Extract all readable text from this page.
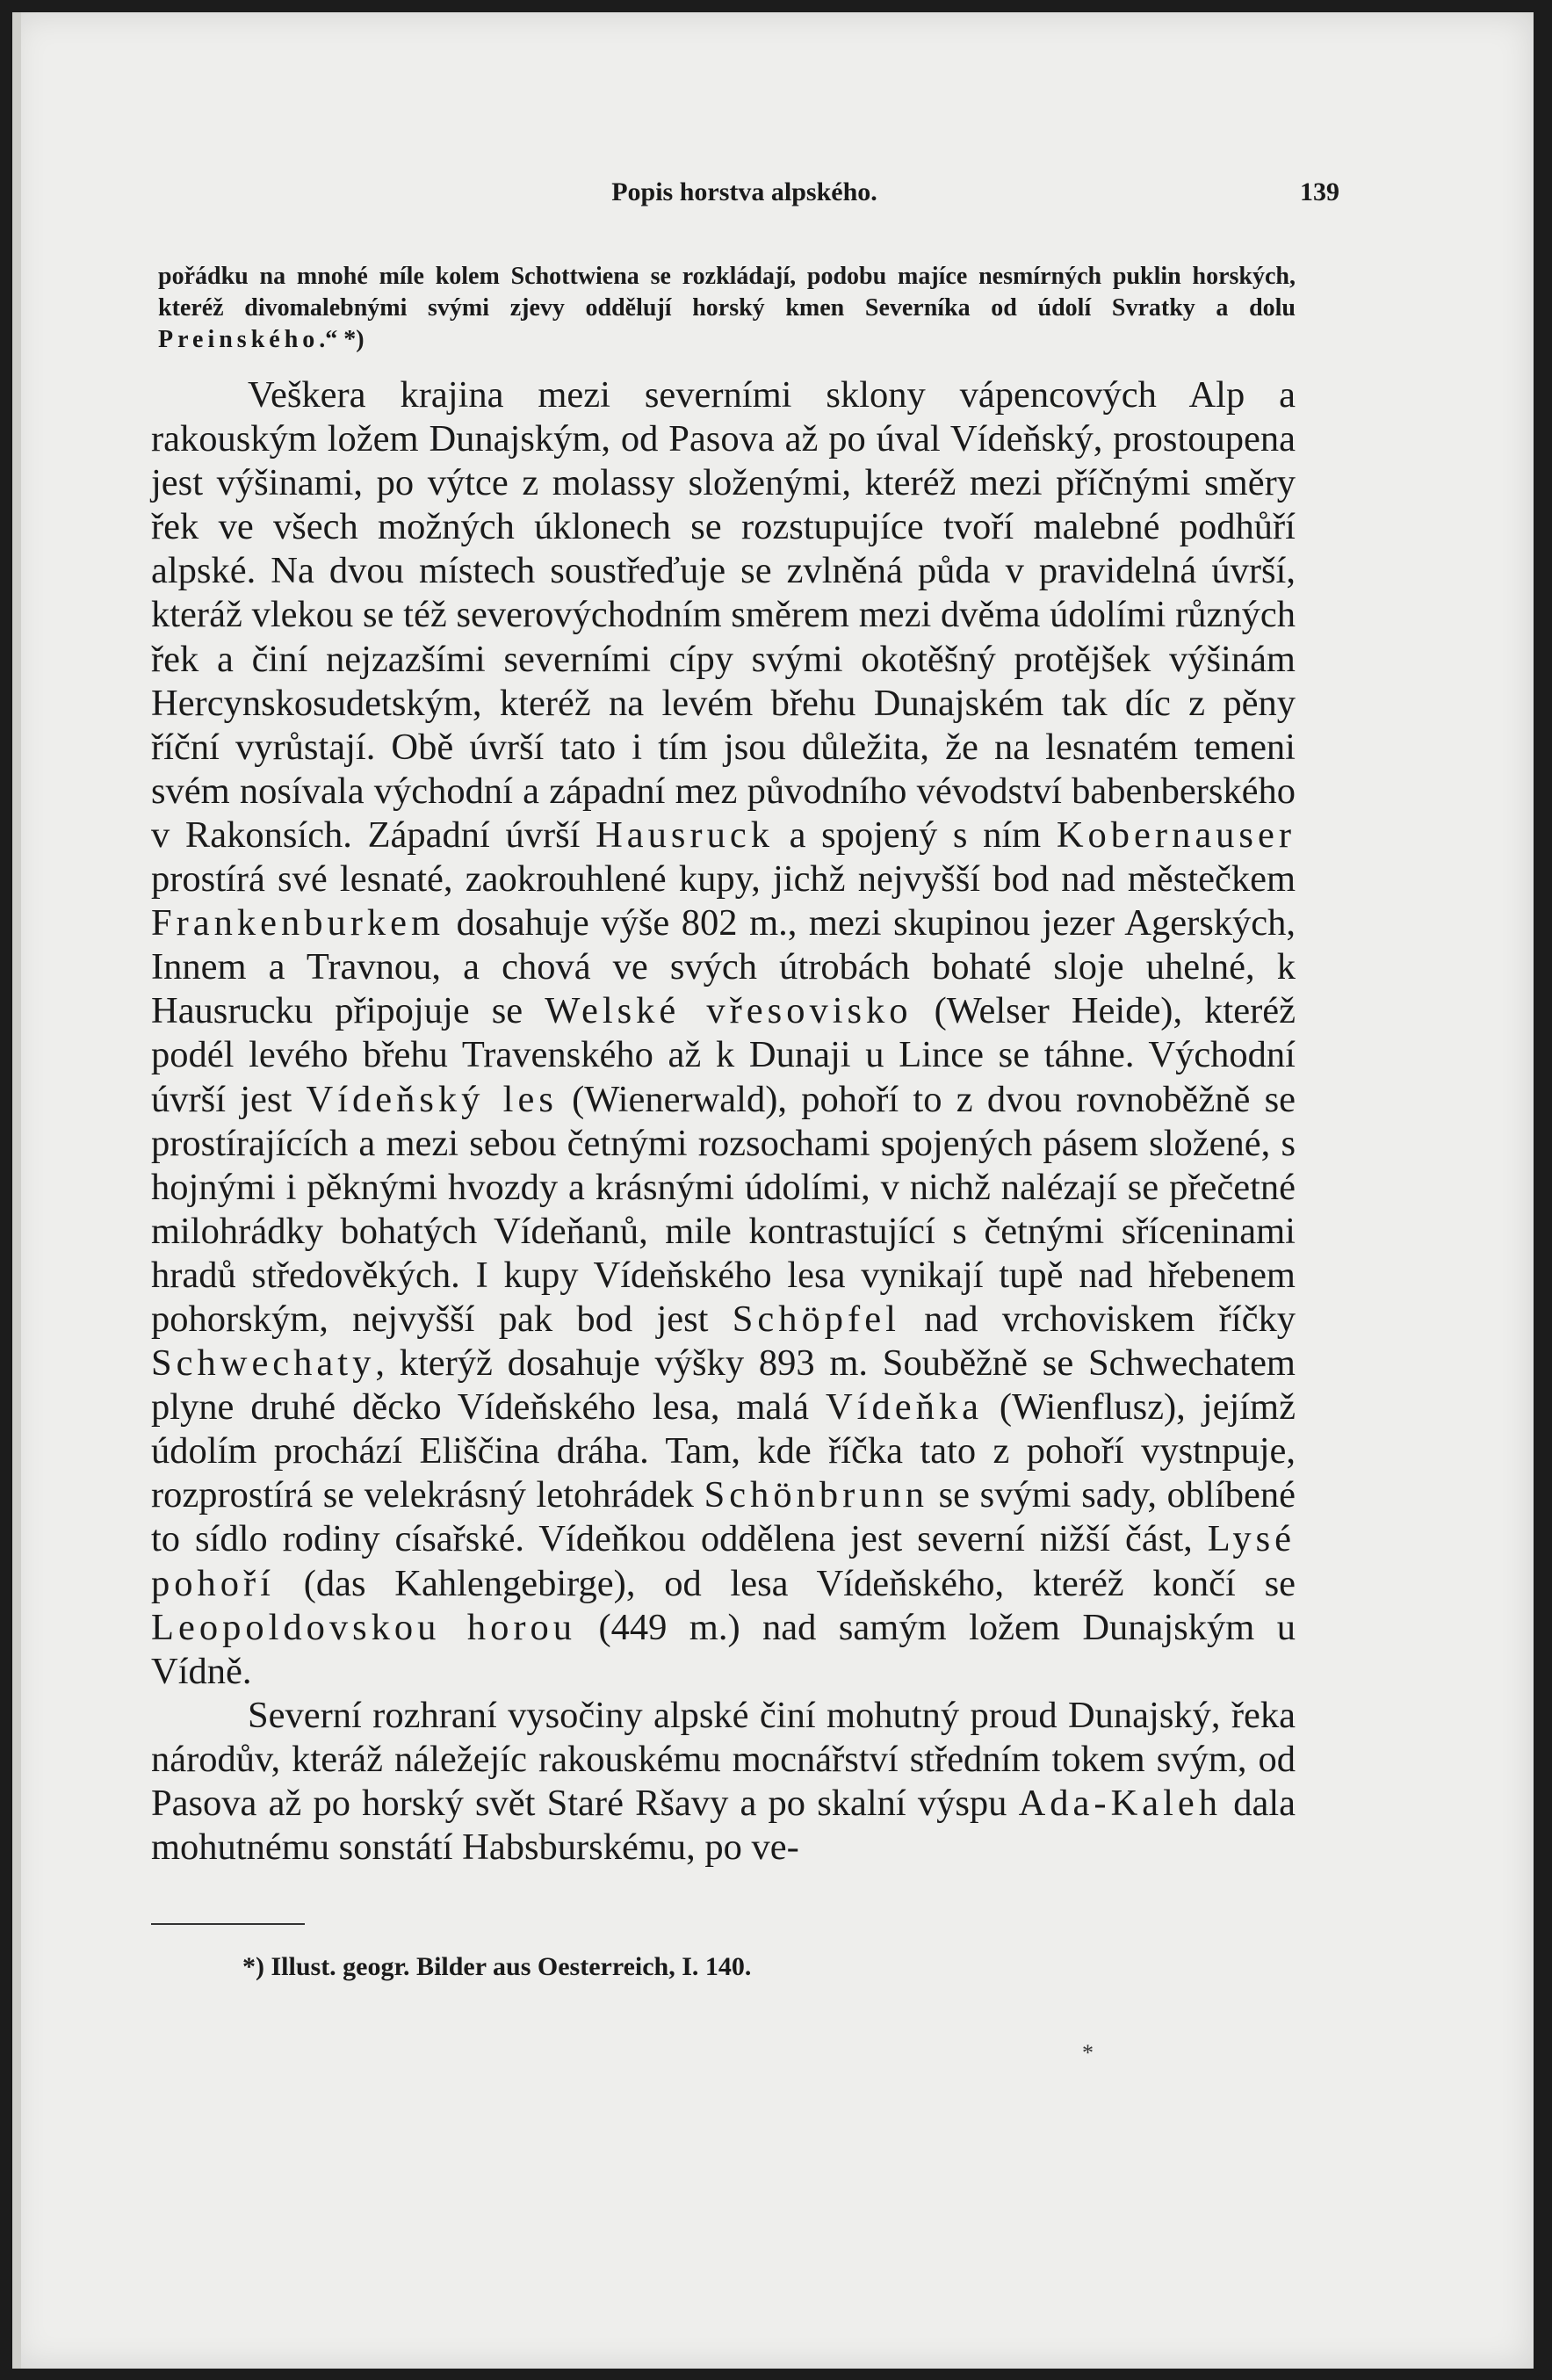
Popis horstva alpského.	139

pořádku na mnohé míle kolem Schottwiena se rozkládají, podobu majíce nesmírných puklin horských, kteréž divomalebnými svými zjevy oddělují horský kmen Severníka od údolí Svratky a dolu Preinského.“ *)

Veškera krajina mezi severními sklony vápencových Alp a rakouským ložem Dunajským, od Pasova až po úval Vídeňský, prostoupena jest výšinami, po výtce z molassy složenými, kteréž mezi příčnými směry řek ve všech možných úklonech se rozstupujíce tvoří malebné podhůří alpské. Na dvou místech soustřeďuje se zvlněná půda v pravidelná úvrší, kteráž vlekou se též severovýchodním směrem mezi dvěma údolími různých řek a činí nejzazšími severními cípy svými okotěšný protějšek výšinám Hercynskosudetským, kteréž na levém břehu Dunajském tak díc z pěny říční vyrůstají. Obě úvrší tato i tím jsou důležita, že na lesnatém temeni svém nosívala východní a západní mez původního vévodství babenberského v Rakonsích. Západní úvrší Hausruck a spojený s ním Kobernauser prostírá své lesnaté, zaokrouhlené kupy, jichž nejvyšší bod nad městečkem Frankenburkem dosahuje výše 802 m., mezi skupinou jezer Agerských, Innem a Travnou, a chová ve svých útrobách bohaté sloje uhelné, k Hausrucku připojuje se Welské vřesovisko (Welser Heide), kteréž podél levého břehu Travenského až k Dunaji u Lince se táhne. Východní úvrší jest Vídeňský les (Wienerwald), pohoří to z dvou rovnoběžně se prostírajících a mezi sebou četnými rozsochami spojených pásem složené, s hojnými i pěknými hvozdy a krásnými údolími, v nichž nalézají se přečetné milohrádky bohatých Vídeňanů, mile kontrastující s četnými sříceninami hradů středověkých. I kupy Vídeňského lesa vynikají tupě nad hřebenem pohorským, nejvyšší pak bod jest Schöpfel nad vrchoviskem říčky Schwechaty, kterýž dosahuje výšky 893 m. Souběžně se Schwechatem plyne druhé děcko Vídeňského lesa, malá Vídeňka (Wienflusz), jejímž údolím prochází Eliščina dráha. Tam, kde říčka tato z pohoří vystnpuje, rozprostírá se velekrásný letohrádek Schönbrunn se svými sady, oblíbené to sídlo rodiny císařské. Vídeňkou oddělena jest severní nižší část, Lysé pohoří (das Kahlengebirge), od lesa Vídeňského, kteréž končí se Leopoldovskou horou (449 m.) nad samým ložem Dunajským u Vídně.

Severní rozhraní vysočiny alpské činí mohutný proud Dunajský, řeka národův, kteráž náležejíc rakouskému mocnářství středním tokem svým, od Pasova až po horský svět Staré Ršavy a po skalní výspu Ada-Kaleh dala mohutnému sonstátí Habsburskému, po ve-

*) Illust. geogr. Bilder aus Oesterreich, I. 140.

*
